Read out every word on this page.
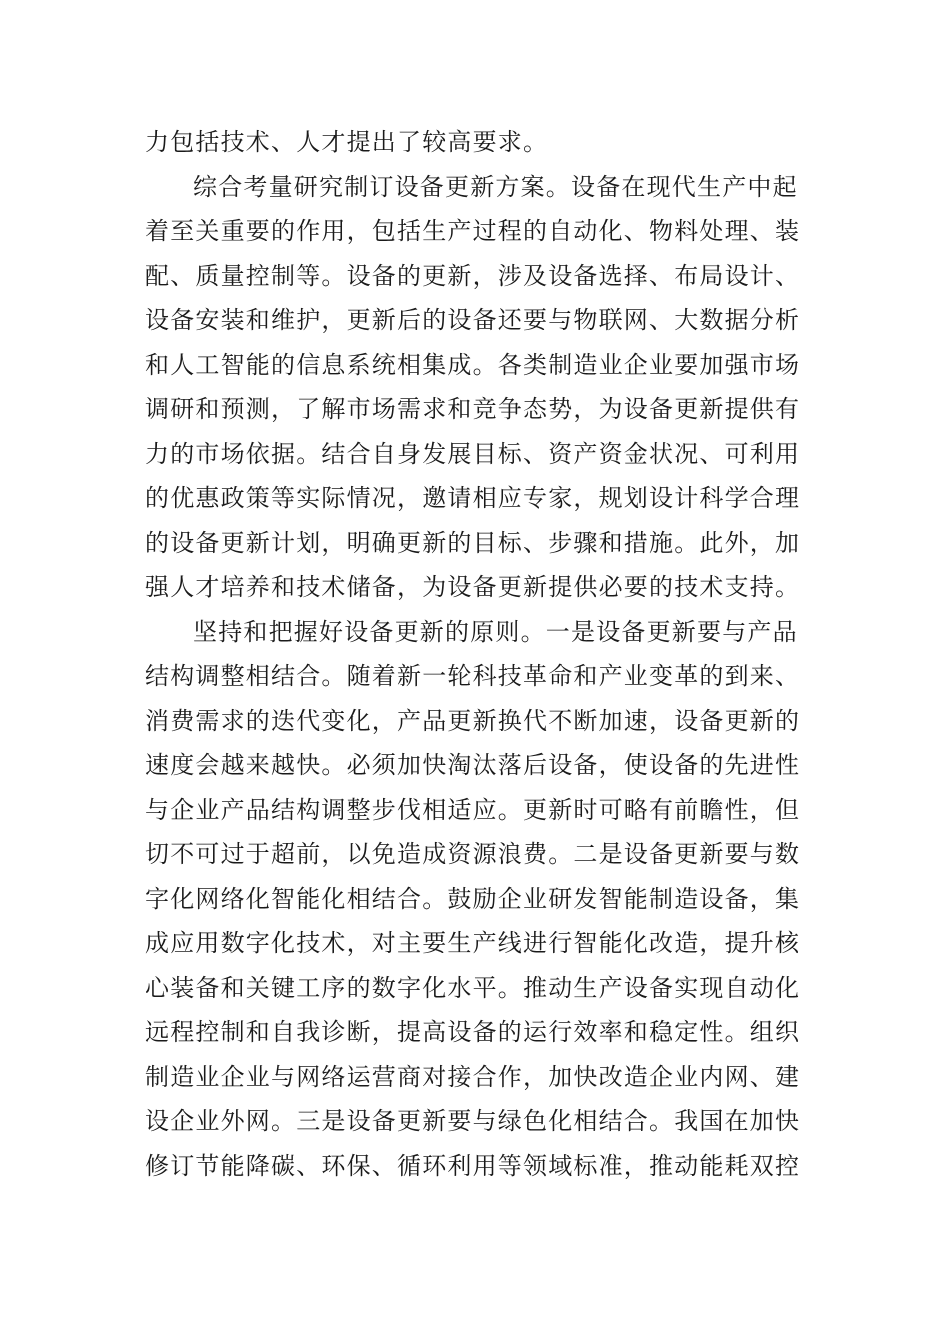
力包括技术、人才提出了较高要求。
综合考量研究制订设备更新方案。设备在现代生产中起
着至关重要的作用，包括生产过程的自动化、物料处理、装
配、质量控制等。设备的更新，涉及设备选择、布局设计、
设备安装和维护，更新后的设备还要与物联网、大数据分析
和人工智能的信息系统相集成。各类制造业企业要加强市场
调研和预测，了解市场需求和竞争态势，为设备更新提供有
力的市场依据。结合自身发展目标、资产资金状况、可利用
的优惠政策等实际情况，邀请相应专家，规划设计科学合理
的设备更新计划，明确更新的目标、步骤和措施。此外，加
强人才培养和技术储备，为设备更新提供必要的技术支持。
坚持和把握好设备更新的原则。一是设备更新要与产品
结构调整相结合。随着新一轮科技革命和产业变革的到来、
消费需求的迭代变化，产品更新换代不断加速，设备更新的
速度会越来越快。必须加快淘汰落后设备，使设备的先进性
与企业产品结构调整步伐相适应。更新时可略有前瞻性，但
切不可过于超前，以免造成资源浪费。二是设备更新要与数
字化网络化智能化相结合。鼓励企业研发智能制造设备，集
成应用数字化技术，对主要生产线进行智能化改造，提升核
心装备和关键工序的数字化水平。推动生产设备实现自动化
远程控制和自我诊断，提高设备的运行效率和稳定性。组织
制造业企业与网络运营商对接合作，加快改造企业内网、建
设企业外网。三是设备更新要与绿色化相结合。我国在加快
修订节能降碳、环保、循环利用等领域标准，推动能耗双控
